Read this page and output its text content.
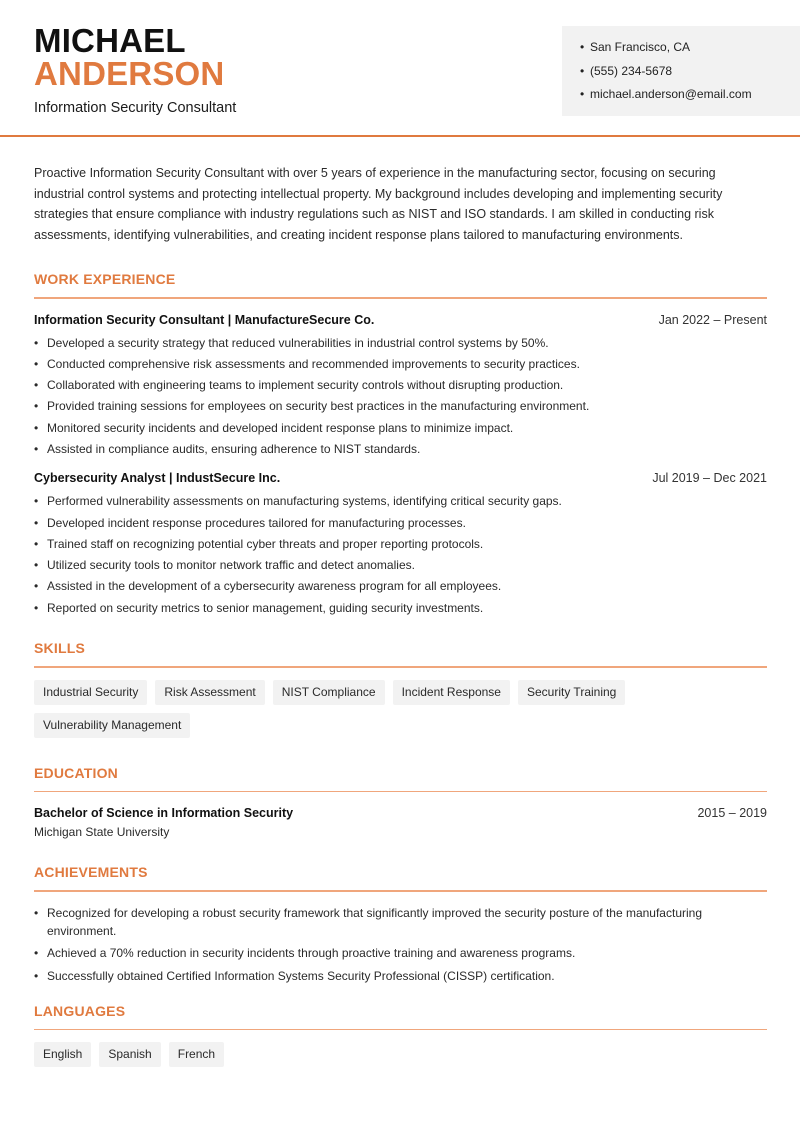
MICHAEL
ANDERSON
Information Security Consultant
• San Francisco, CA
• (555) 234-5678
• michael.anderson@email.com

Proactive Information Security Consultant with over 5 years of experience in the manufacturing sector, focusing on securing industrial control systems and protecting intellectual property. My background includes developing and implementing security strategies that ensure compliance with industry regulations such as NIST and ISO standards. I am skilled in conducting risk assessments, identifying vulnerabilities, and creating incident response plans tailored to manufacturing environments.

WORK EXPERIENCE
Information Security Consultant | ManufactureSecure Co.	Jan 2022 – Present
• Developed a security strategy that reduced vulnerabilities in industrial control systems by 50%.
• Conducted comprehensive risk assessments and recommended improvements to security practices.
• Collaborated with engineering teams to implement security controls without disrupting production.
• Provided training sessions for employees on security best practices in the manufacturing environment.
• Monitored security incidents and developed incident response plans to minimize impact.
• Assisted in compliance audits, ensuring adherence to NIST standards.
Cybersecurity Analyst | IndustSecure Inc.	Jul 2019 – Dec 2021
• Performed vulnerability assessments on manufacturing systems, identifying critical security gaps.
• Developed incident response procedures tailored for manufacturing processes.
• Trained staff on recognizing potential cyber threats and proper reporting protocols.
• Utilized security tools to monitor network traffic and detect anomalies.
• Assisted in the development of a cybersecurity awareness program for all employees.
• Reported on security metrics to senior management, guiding security investments.
SKILLS
Industrial Security	Risk Assessment	NIST Compliance	Incident Response	Security Training
Vulnerability Management
EDUCATION
Bachelor of Science in Information Security	2015 – 2019
Michigan State University
ACHIEVEMENTS
• Recognized for developing a robust security framework that significantly improved the security posture of the manufacturing environment.
• Achieved a 70% reduction in security incidents through proactive training and awareness programs.
• Successfully obtained Certified Information Systems Security Professional (CISSP) certification.
LANGUAGES
English	Spanish	French
